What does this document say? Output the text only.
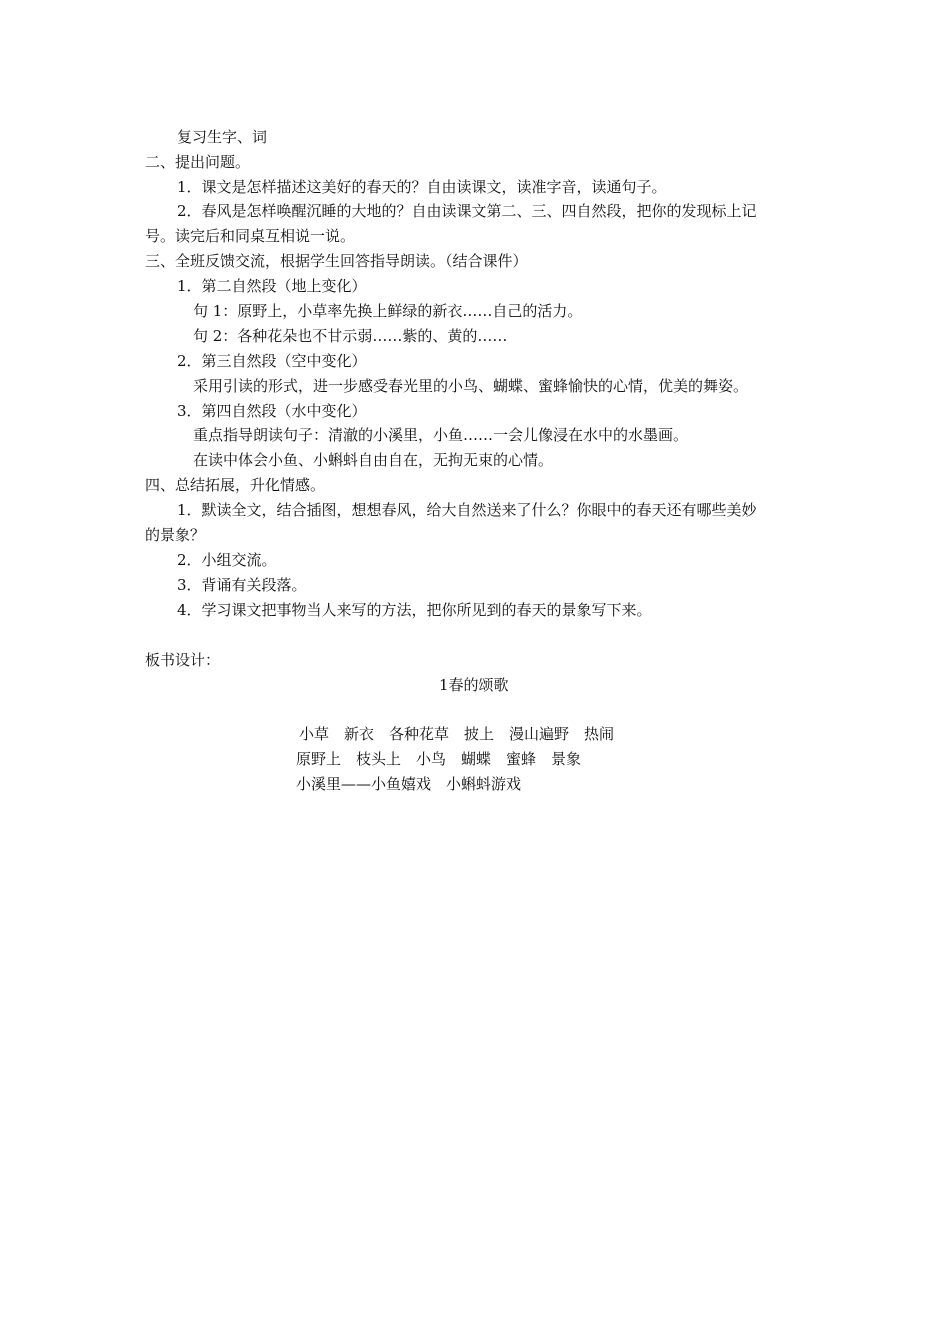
复习生字、词
二、提出问题。
1．课文是怎样描述这美好的春天的？自由读课文，读准字音，读通句子。
2．春风是怎样唤醒沉睡的大地的？自由读课文第二、三、四自然段，把你的发现标上记
号。读完后和同桌互相说一说。
三、全班反馈交流，根据学生回答指导朗读。（结合课件）
1．第二自然段（地上变化）
句 1：原野上，小草率先换上鲜绿的新衣……自己的活力。
句 2：各种花朵也不甘示弱……紫的、黄的……
2．第三自然段（空中变化）
采用引读的形式，进一步感受春光里的小鸟、蝴蝶、蜜蜂愉快的心情，优美的舞姿。
3．第四自然段（水中变化）
重点指导朗读句子：清澈的小溪里，小鱼……一会儿像浸在水中的水墨画。
在读中体会小鱼、小蝌蚪自由自在，无拘无束的心情。
四、总结拓展，升化情感。
1．默读全文，结合插图，想想春风，给大自然送来了什么？你眼中的春天还有哪些美妙
的景象？
2．小组交流。
3．背诵有关段落。
4．学习课文把事物当人来写的方法，把你所见到的春天的景象写下来。
板书设计：
1春的颂歌
小草　新衣　各种花草　披上　漫山遍野　热闹
原野上　枝头上　小鸟　蝴蝶　蜜蜂　景象
小溪里——小鱼嬉戏　小蝌蚪游戏
